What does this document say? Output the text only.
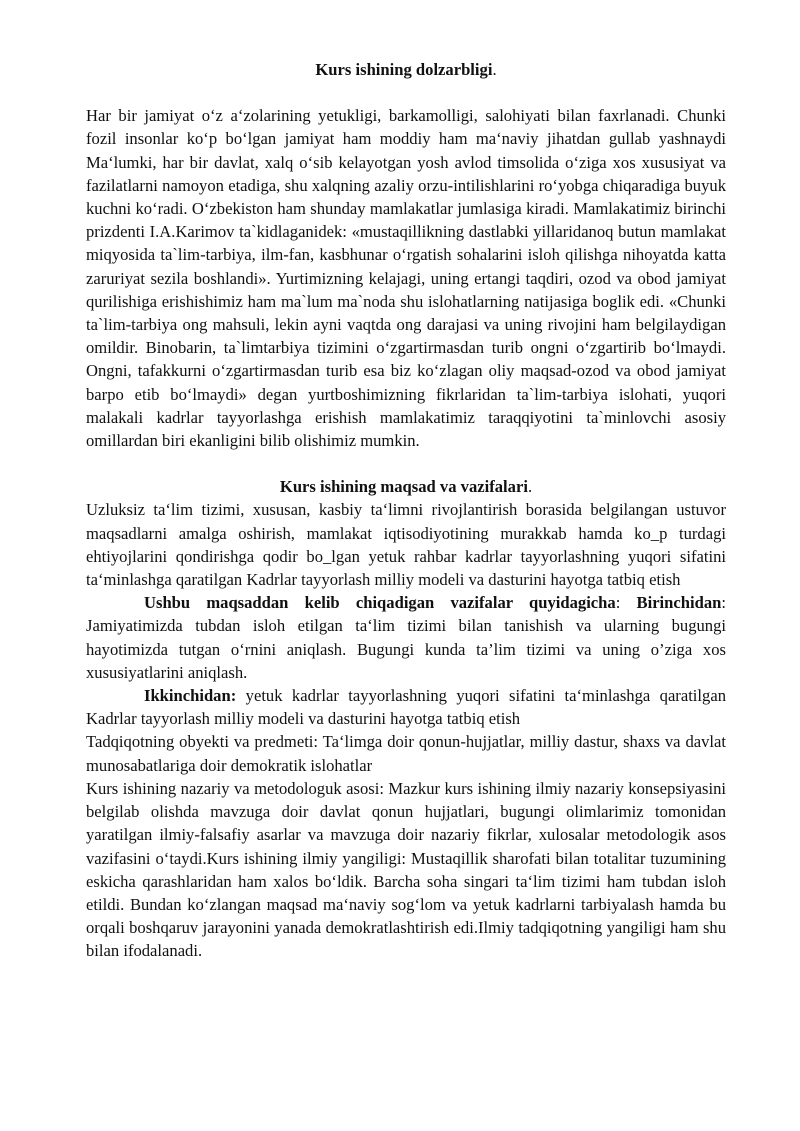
Kurs ishining dolzarbligi.

Har bir jamiyat o‘z a‘zolarining yetukligi, barkamolligi, salohiyati bilan faxrlanadi. Chunki fozil insonlar ko‘p bo‘lgan jamiyat ham moddiy ham ma‘naviy jihatdan gullab yashnaydi Ma‘lumki, har bir davlat, xalq o‘sib kelayotgan yosh avlod timsolida o‘ziga xos xususiyat va fazilatlarni namoyon etadiga, shu xalqning azaliy orzu-intilishlarini ro‘yobga chiqaradiga buyuk kuchni ko‘radi. O‘zbekiston ham shunday mamlakatlar jumlasiga kiradi. Mamlakatimiz birinchi prizdenti I.A.Karimov ta`kidlaganidek: «mustaqillikning dastlabki yillaridanoq butun mamlakat miqyosida ta`lim-tarbiya, ilm-fan, kasbhunar o‘rgatish sohalarini isloh qilishga nihoyatda katta zaruriyat sezila boshlandi». Yurtimizning kelajagi, uning ertangi taqdiri, ozod va obod jamiyat qurilishiga erishishimiz ham ma`lum ma`noda shu islohatlarning natijasiga boglik edi. «Chunki ta`lim-tarbiya ong mahsuli, lekin ayni vaqtda ong darajasi va uning rivojini ham belgilaydigan omildir. Binobarin, ta`limtarbiya tizimini o‘zgartirmasdan turib ongni o‘zgartirib bo‘lmaydi. Ongni, tafakkurni o‘zgartirmasdan turib esa biz ko‘zlagan oliy maqsad-ozod va obod jamiyat barpo etib bo‘lmaydi» degan yurtboshimizning fikrlaridan ta`lim-tarbiya islohati, yuqori malakali kadrlar tayyorlashga erishish mamlakatimiz taraqqiyotini ta`minlovchi asosiy omillardan biri ekanligini bilib olishimiz mumkin.

Kurs ishining maqsad va vazifalari.

Uzluksiz ta‘lim tizimi, xususan, kasbiy ta‘limni rivojlantirish borasida belgilangan ustuvor maqsadlarni amalga oshirish, mamlakat iqtisodiyotining murakkab hamda ko_p turdagi ehtiyojlarini qondirishga qodir bo_lgan yetuk rahbar kadrlar tayyorlashning yuqori sifatini ta‘minlashga qaratilgan Kadrlar tayyorlash milliy modeli va dasturini hayotga tatbiq etish

Ushbu maqsaddan kelib chiqadigan vazifalar quyidagicha: Birinchidan: Jamiyatimizda tubdan isloh etilgan ta‘lim tizimi bilan tanishish va ularning bugungi hayotimizda tutgan o‘rnini aniqlash. Bugungi kunda ta’lim tizimi va uning o’ziga xos xususiyatlarini aniqlash.

Ikkinchidan: yetuk kadrlar tayyorlashning yuqori sifatini ta‘minlashga qaratilgan Kadrlar tayyorlash milliy modeli va dasturini hayotga tatbiq etish

Tadqiqotning obyekti va predmeti: Ta‘limga doir qonun-hujjatlar, milliy dastur, shaxs va davlat munosabatlariga doir demokratik islohatlar

Kurs ishining nazariy va metodologuk asosi: Mazkur kurs ishining ilmiy nazariy konsepsiyasini belgilab olishda mavzuga doir davlat qonun hujjatlari, bugungi olimlarimiz tomonidan yaratilgan ilmiy-falsafiy asarlar va mavzuga doir nazariy fikrlar, xulosalar metodologik asos vazifasini o‘taydi.Kurs ishining ilmiy yangiligi: Mustaqillik sharofati bilan totalitar tuzumining eskicha qarashlaridan ham xalos bo‘ldik. Barcha soha singari ta‘lim tizimi ham tubdan isloh etildi. Bundan ko‘zlangan maqsad ma‘naviy sog‘lom va yetuk kadrlarni tarbiyalash hamda bu orqali boshqaruv jarayonini yanada demokratlashtirish edi.Ilmiy tadqiqotning yangiligi ham shu bilan ifodalanadi.
